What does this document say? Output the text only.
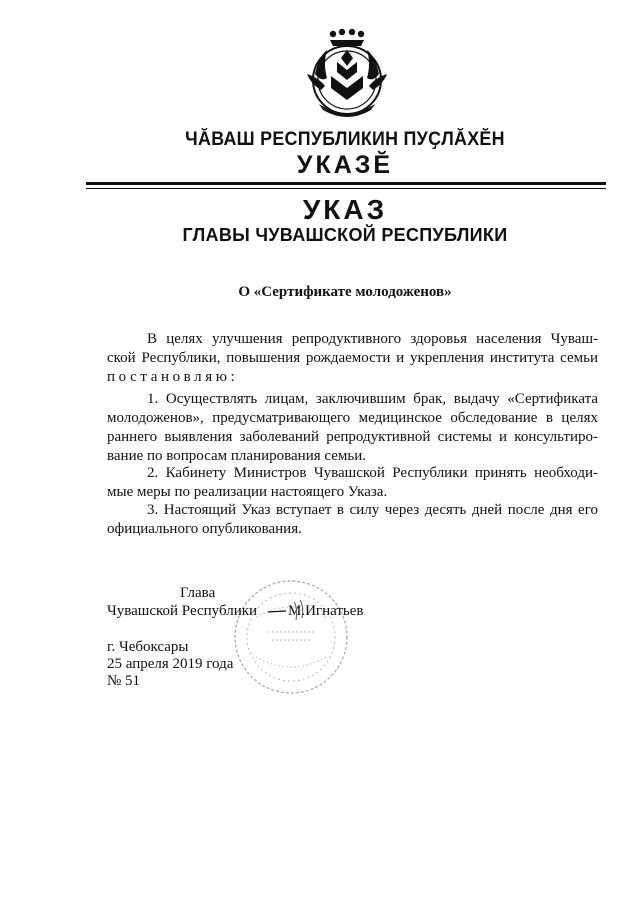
ЧӐВАШ РЕСПУБЛИКИН ПУҪЛӐХĔН
УКАЗĔ
УКАЗ
ГЛАВЫ ЧУВАШСКОЙ РЕСПУБЛИКИ
О «Сертификате молодоженов»
В целях улучшения репродуктивного здоровья населения Чуваш-
ской Республики, повышения рождаемости и укрепления института семьи
постановляю:
1. Осуществлять лицам, заключившим брак, выдачу «Сертификата
молодоженов», предусматривающего медицинское обследование в целях
раннего выявления заболеваний репродуктивной системы и консультиро-
вание по вопросам планирования семьи.
2. Кабинету Министров Чувашской Республики принять необходи-
мые меры по реализации настоящего Указа.
3. Настоящий Указ вступает в силу через десять дней после дня его
официального опубликования.
Глава
Чувашской Республики М.Игнатьев
г. Чебоксары
25 апреля 2019 года
№ 51
